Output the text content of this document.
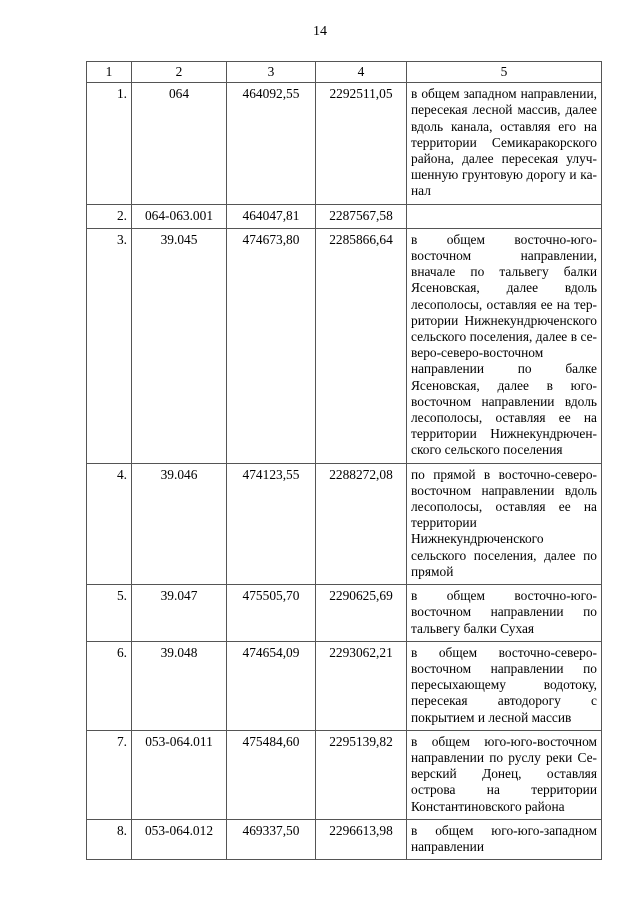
14
1	2	3	4	5
1.	064	464092,55	2292511,05	в общем западном направлении, пересекая лесной массив, далее вдоль канала, оставляя его на территории Семикаракорского района, далее пересекая улучшенную грунтовую дорогу и канал
2.	064-063.001	464047,81	2287567,58	
3.	39.045	474673,80	2285866,64	в общем восточно-юго-восточном направлении, вначале по тальвегу балки Ясеновская, далее вдоль лесополосы, оставляя ее на территории Нижнекундрюченского сельского поселения, далее в северо-северо-восточном направлении по балке Ясеновская, далее в юго-восточном направлении вдоль лесополосы, оставляя ее на территории Нижнекундрюченского сельского поселения
4.	39.046	474123,55	2288272,08	по прямой в восточно-северовосточном направлении вдоль лесополосы, оставляя ее на территории Нижнекундрюченского сельского поселения, далее по прямой
5.	39.047	475505,70	2290625,69	в общем восточно-юго-восточном направлении по тальвегу балки Сухая
6.	39.048	474654,09	2293062,21	в общем восточно-северо-восточном направлении по пересыхающему водотоку, пересекая автодорогу с покрытием и лесной массив
7.	053-064.011	475484,60	2295139,82	в общем юго-юго-восточном направлении по руслу реки Северский Донец, оставляя острова на территории Константиновского района
8.	053-064.012	469337,50	2296613,98	в общем юго-юго-западном направлении
